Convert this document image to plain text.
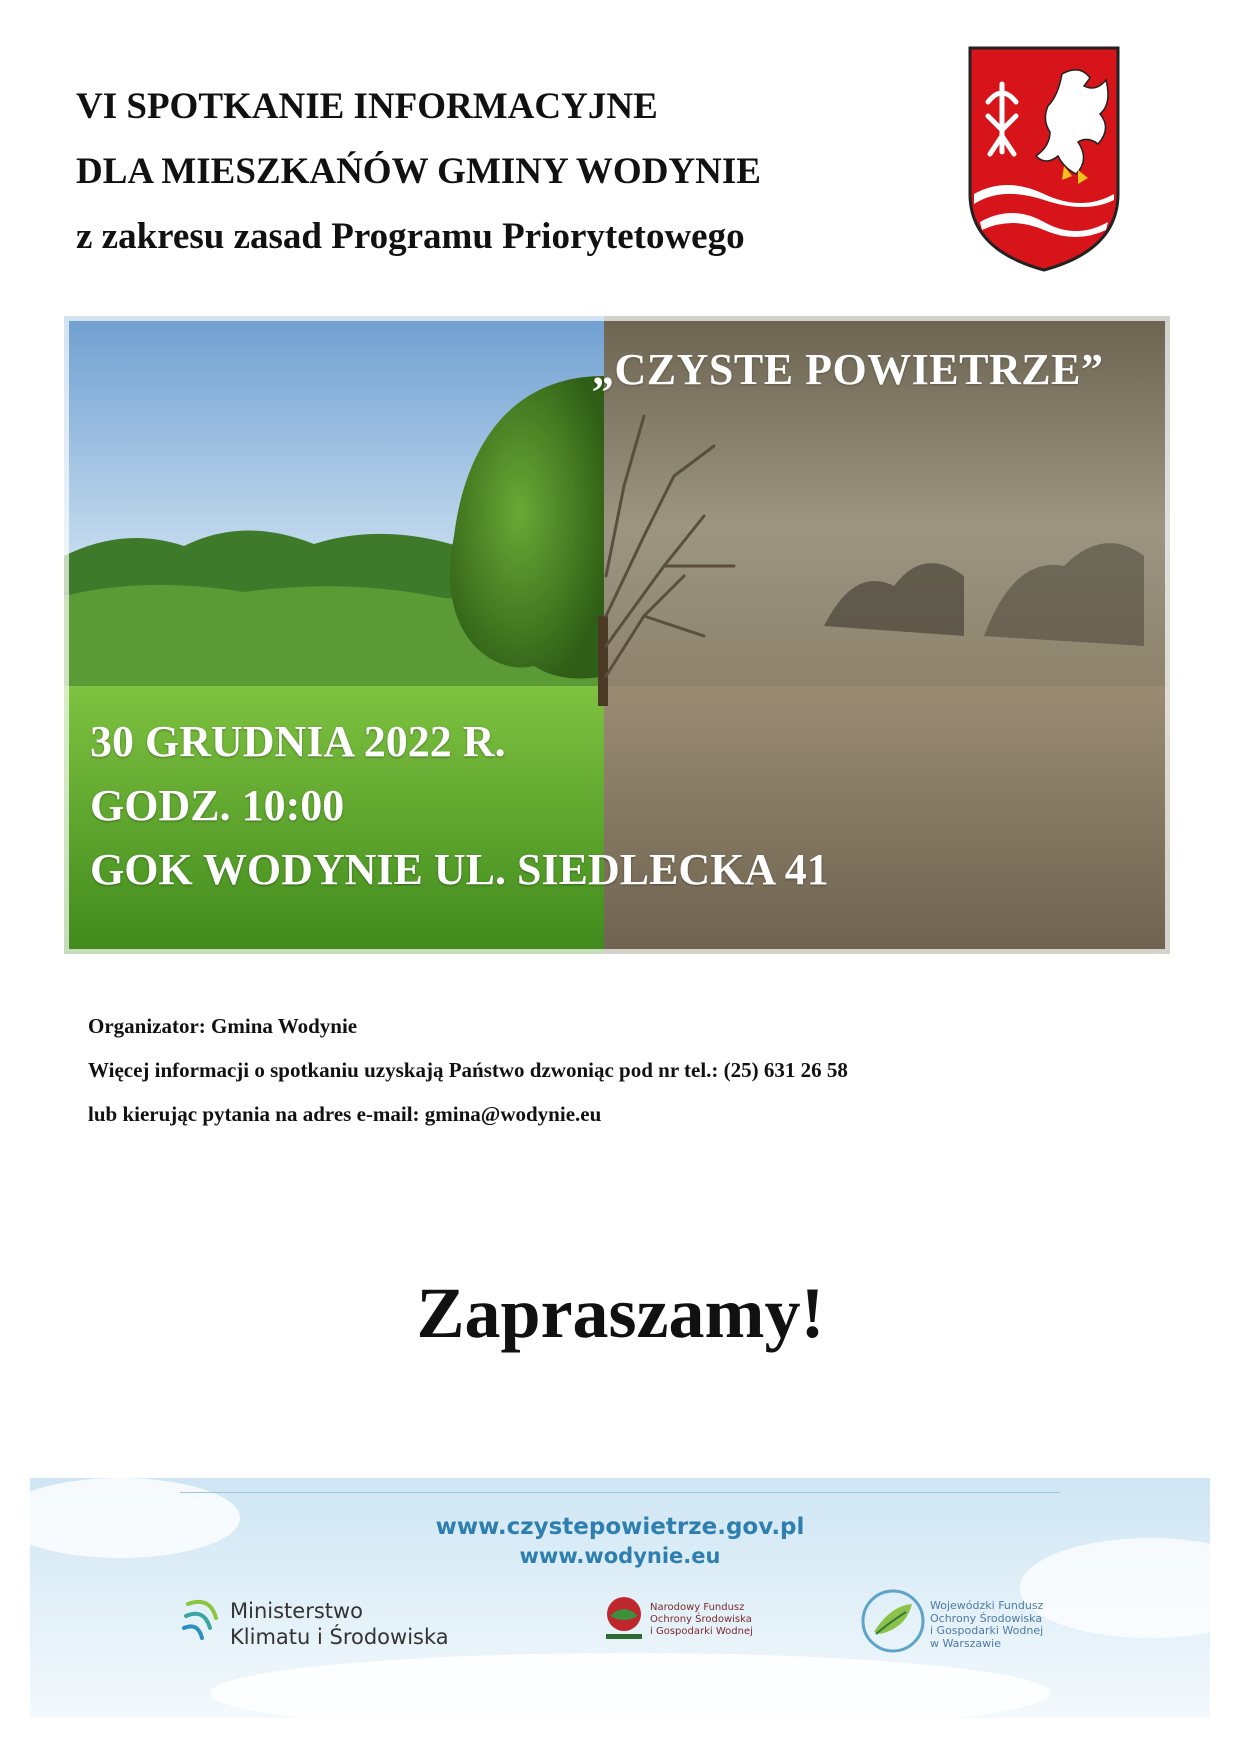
VI SPOTKANIE INFORMACYJNE
DLA MIESZKAŃÓW GMINY WODYNIE
z zakresu zasad Programu Priorytetowego
„CZYSTE POWIETRZE”
30 GRUDNIA 2022 R.
GODZ. 10:00
GOK WODYNIE UL. SIEDLECKA 41
Organizator: Gmina Wodynie
Więcej informacji o spotkaniu uzyskają Państwo dzwoniąc pod nr tel.: (25) 631 26 58
lub kierując pytania na adres e-mail: gmina@wodynie.eu
Zapraszamy!
www.czystepowietrze.gov.pl
www.wodynie.eu
Ministerstwo
Klimatu i Środowiska
Narodowy Fundusz
Ochrony Środowiska
i Gospodarki Wodnej
Wojewódzki Fundusz
Ochrony Środowiska
i Gospodarki Wodnej
w Warszawie
